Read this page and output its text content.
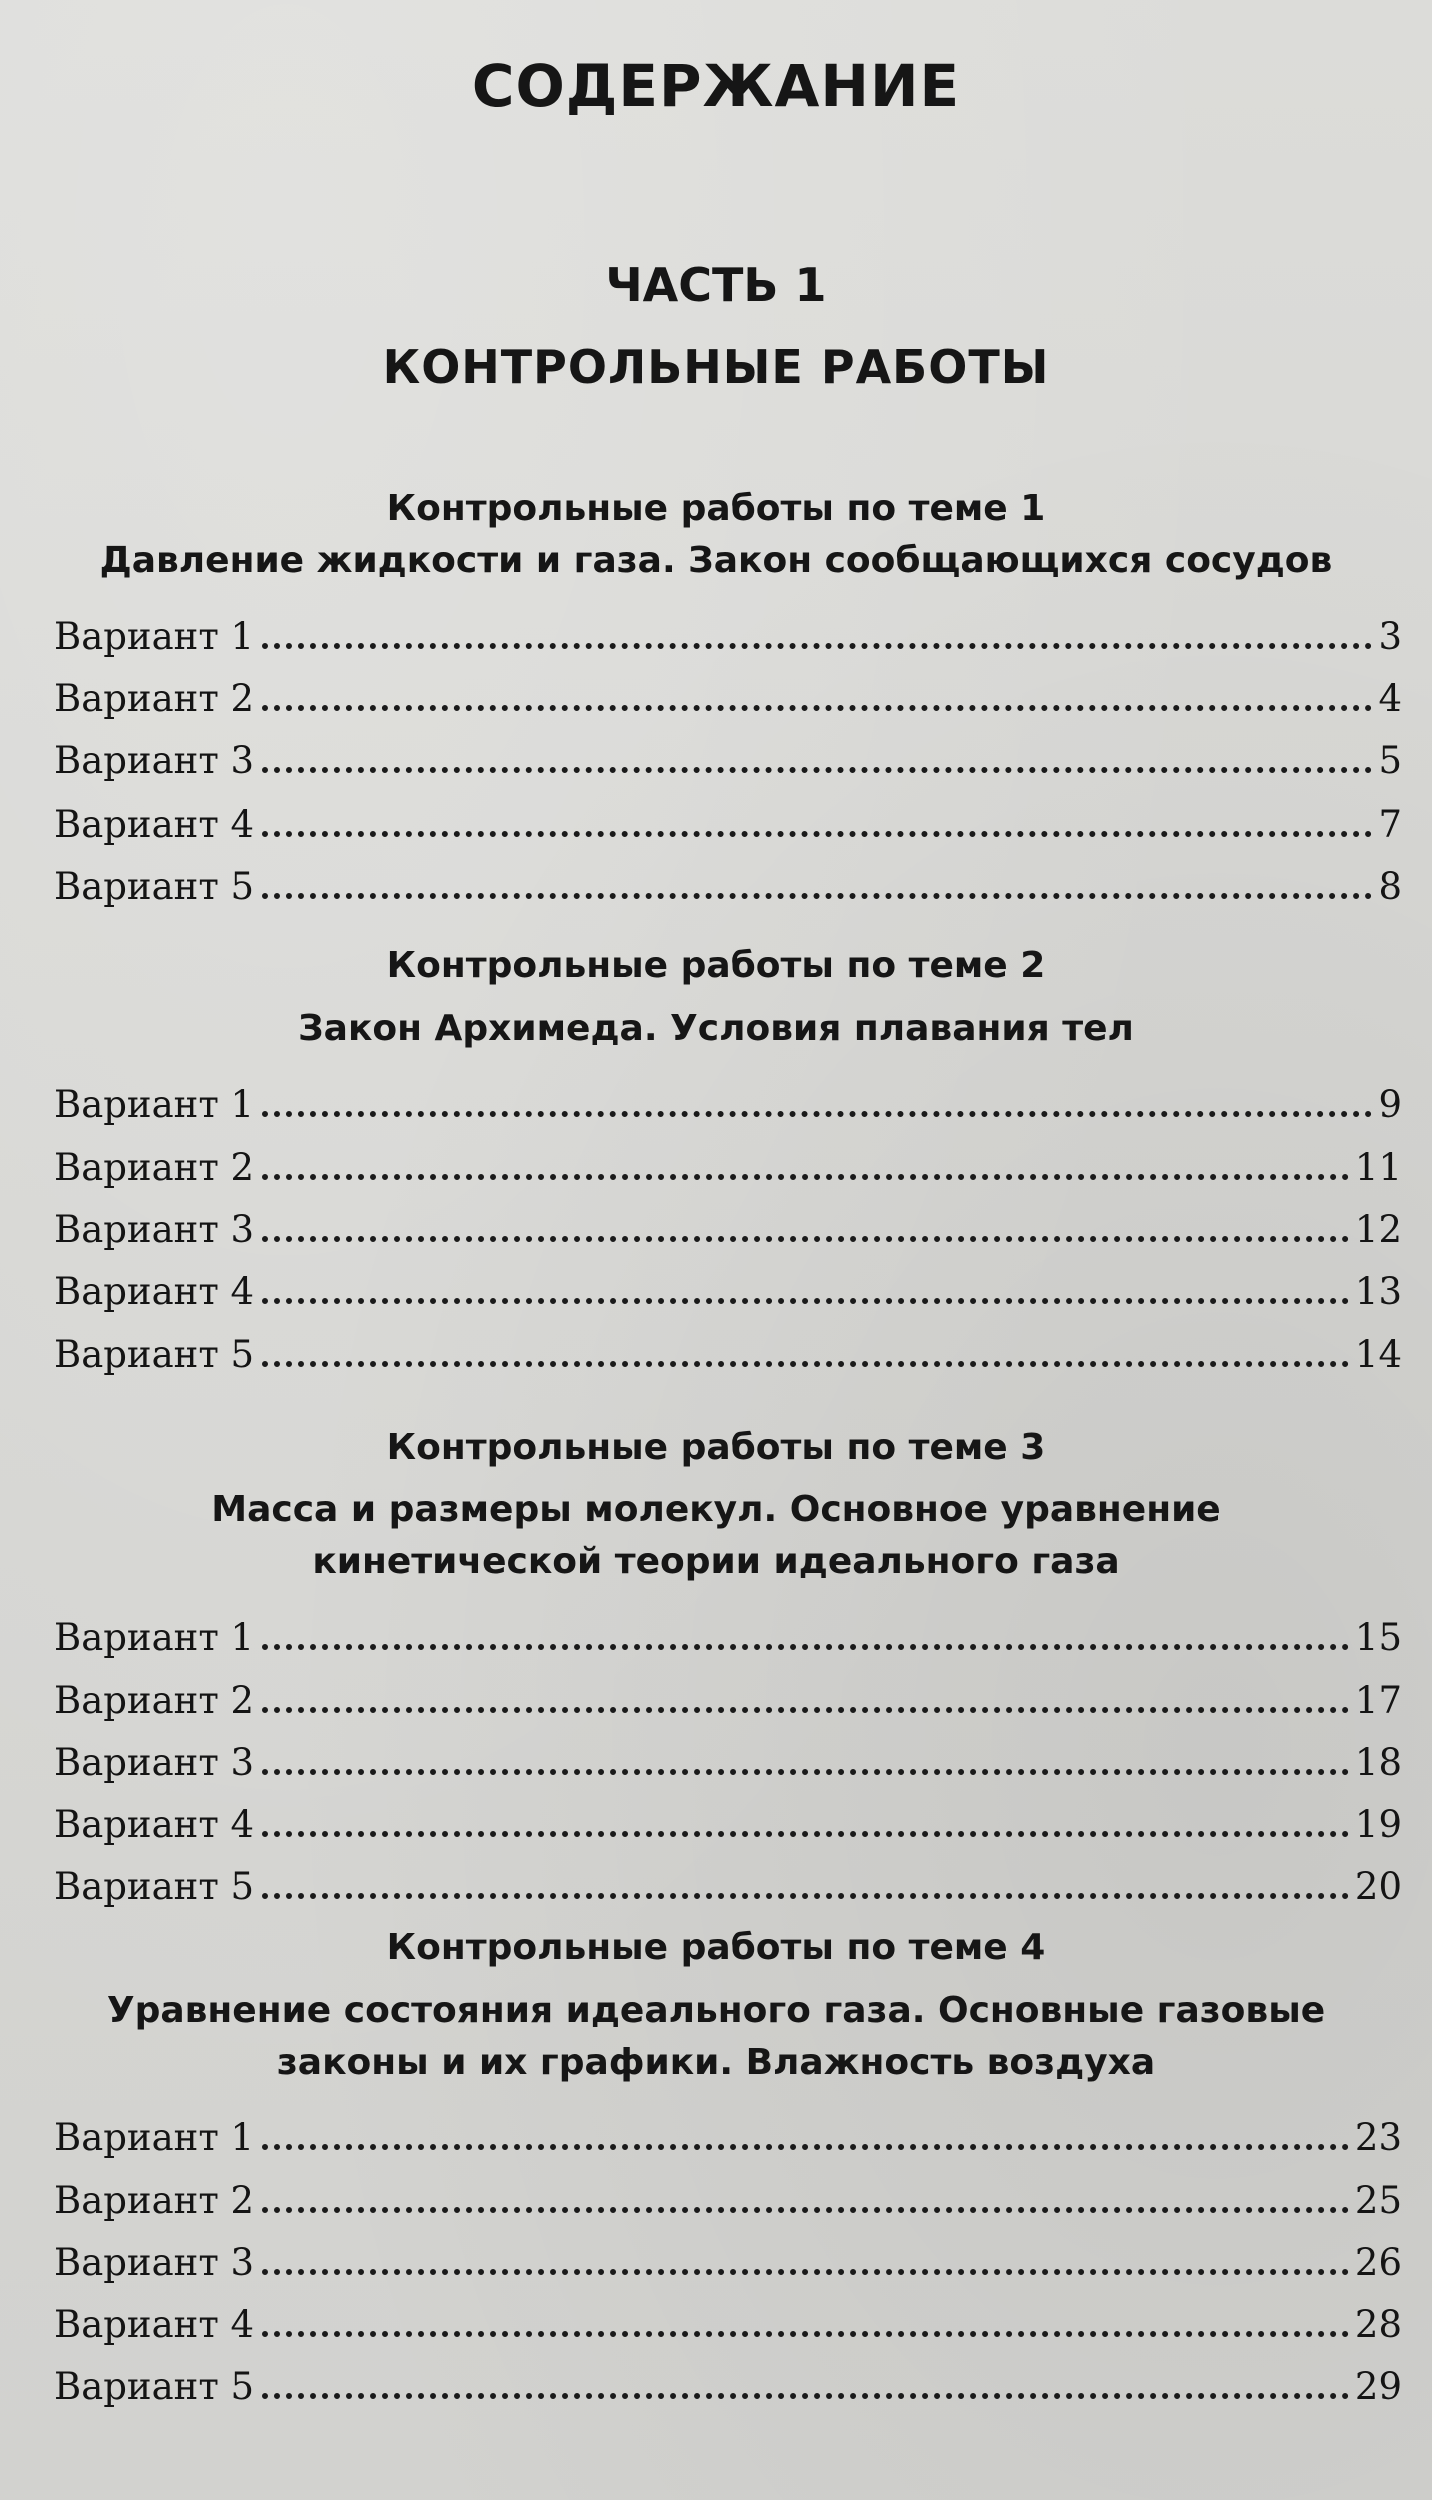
СОДЕРЖАНИЕ
ЧАСТЬ 1
КОНТРОЛЬНЫЕ РАБОТЫ
Контрольные работы по теме 1
Давление жидкости и газа. Закон сообщающихся сосудов
Вариант 1	3
Вариант 2	4
Вариант 3	5
Вариант 4	7
Вариант 5	8
Контрольные работы по теме 2
Закон Архимеда. Условия плавания тел
Вариант 1	9
Вариант 2	11
Вариант 3	12
Вариант 4	13
Вариант 5	14
Контрольные работы по теме 3
Масса и размеры молекул. Основное уравнение
кинетической теории идеального газа
Вариант 1	15
Вариант 2	17
Вариант 3	18
Вариант 4	19
Вариант 5	20
Контрольные работы по теме 4
Уравнение состояния идеального газа. Основные газовые
законы и их графики. Влажность воздуха
Вариант 1	23
Вариант 2	25
Вариант 3	26
Вариант 4	28
Вариант 5	29
